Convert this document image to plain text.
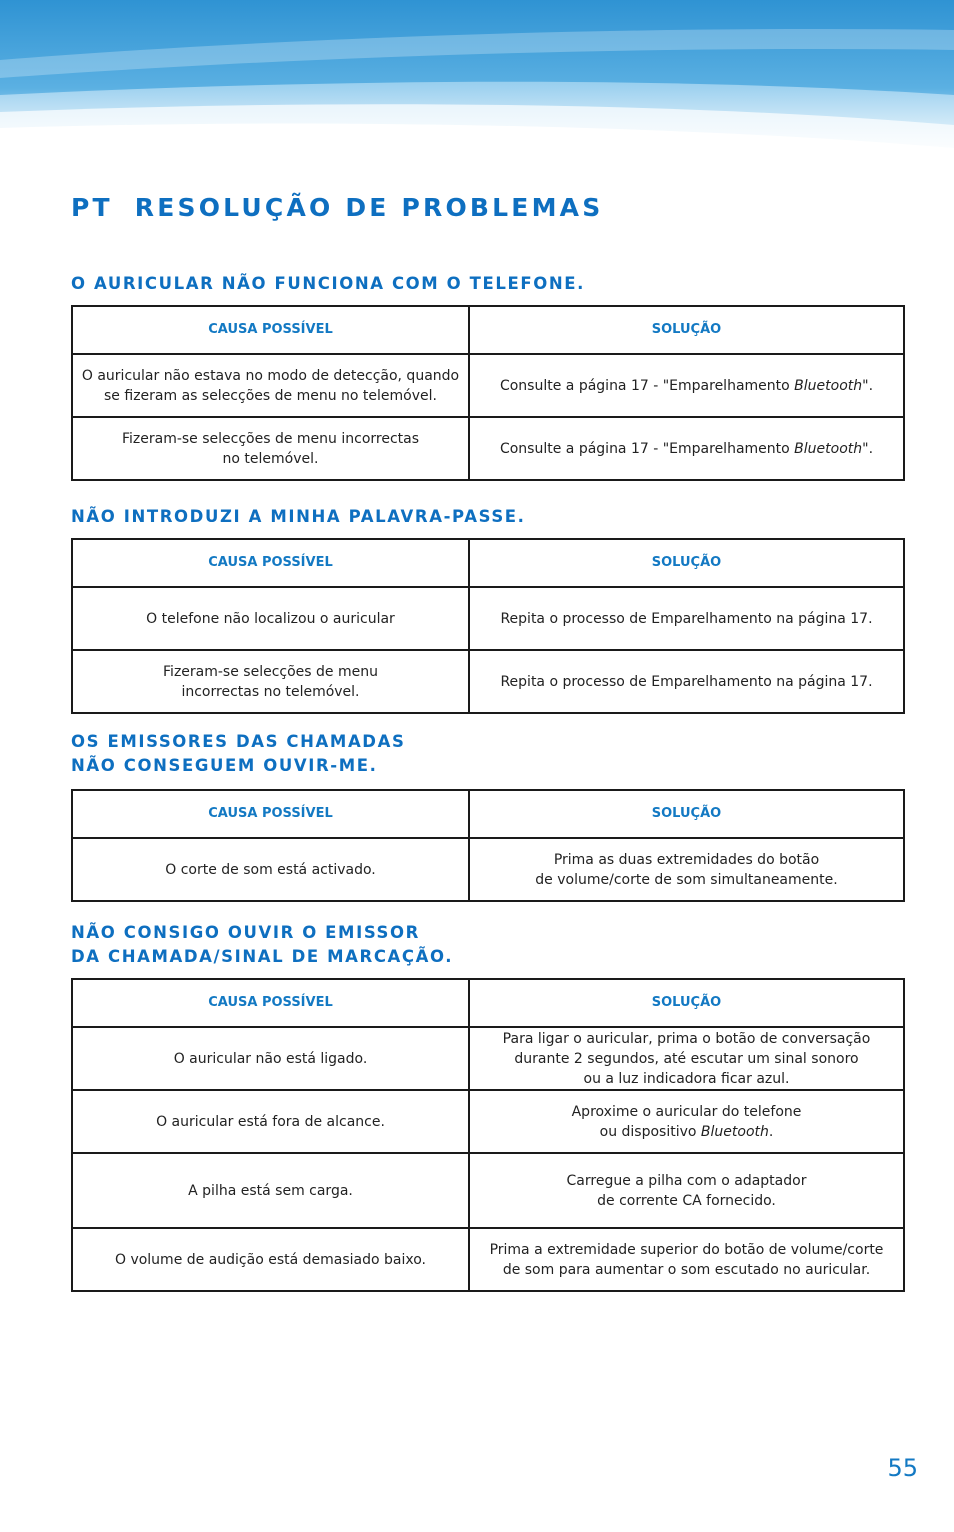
PT RESOLUÇÃO DE PROBLEMAS
O AURICULAR NÃO FUNCIONA COM O TELEFONE.
CAUSA POSSÍVEL	SOLUÇÃO
O auricular não estava no modo de detecção, quando
se fizeram as selecções de menu no telemóvel.	Consulte a página 17 - "Emparelhamento Bluetooth".
Fizeram-se selecções de menu incorrectas
no telemóvel.	Consulte a página 17 - "Emparelhamento Bluetooth".
NÃO INTRODUZI A MINHA PALAVRA-PASSE.
CAUSA POSSÍVEL	SOLUÇÃO
O telefone não localizou o auricular	Repita o processo de Emparelhamento na página 17.
Fizeram-se selecções de menu
incorrectas no telemóvel.	Repita o processo de Emparelhamento na página 17.
OS EMISSORES DAS CHAMADAS
NÃO CONSEGUEM OUVIR-ME.
CAUSA POSSÍVEL	SOLUÇÃO
O corte de som está activado.	Prima as duas extremidades do botão
de volume/corte de som simultaneamente.
NÃO CONSIGO OUVIR O EMISSOR
DA CHAMADA/SINAL DE MARCAÇÃO.
CAUSA POSSÍVEL	SOLUÇÃO
O auricular não está ligado.	Para ligar o auricular, prima o botão de conversação
durante 2 segundos, até escutar um sinal sonoro
ou a luz indicadora ficar azul.
O auricular está fora de alcance.	Aproxime o auricular do telefone
ou dispositivo Bluetooth.
A pilha está sem carga.	Carregue a pilha com o adaptador
de corrente CA fornecido.
O volume de audição está demasiado baixo.	Prima a extremidade superior do botão de volume/corte
de som para aumentar o som escutado no auricular.
55
